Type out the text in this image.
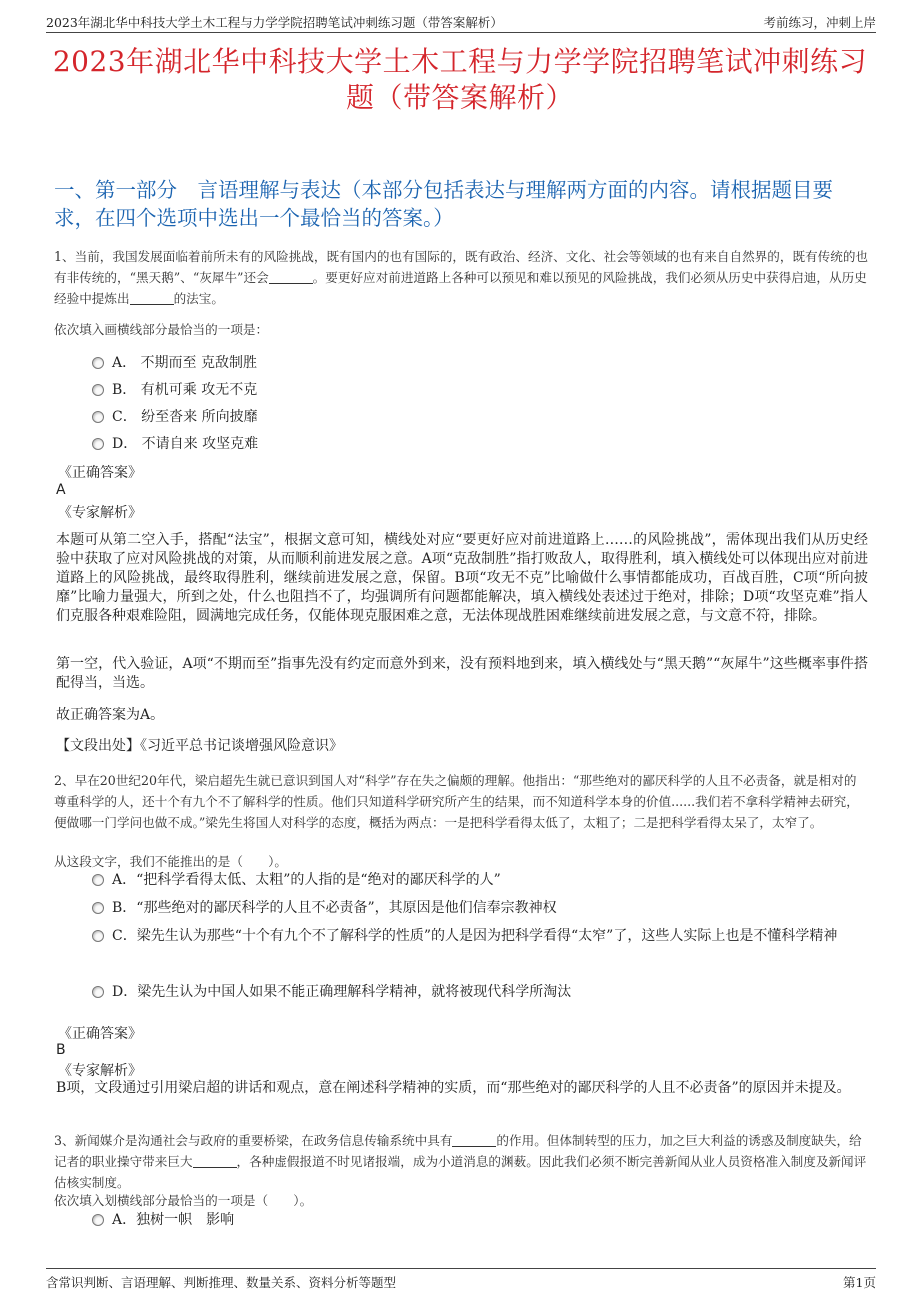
2023年湖北华中科技大学土木工程与力学学院招聘笔试冲刺练习题（带答案解析）	考前练习，冲刺上岸
2023年湖北华中科技大学土木工程与力学学院招聘笔试冲刺练习题（带答案解析）
一、第一部分　言语理解与表达（本部分包括表达与理解两方面的内容。请根据题目要求，在四个选项中选出一个最恰当的答案。）
1、当前，我国发展面临着前所未有的风险挑战，既有国内的也有国际的，既有政治、经济、文化、社会等领域的也有来自自然界的，既有传统的也有非传统的，“黑天鹅”、“灰犀牛”还会	。要更好应对前进道路上各种可以预见和难以预见的风险挑战，我们必须从历史中获得启迪，从历史经验中提炼出	的法宝。
依次填入画横线部分最恰当的一项是：
A． 不期而至 克敌制胜
B． 有机可乘 攻无不克
C． 纷至沓来 所向披靡
D． 不请自来 攻坚克难
《正确答案》
A
《专家解析》
本题可从第二空入手，搭配“法宝”，根据文意可知，横线处对应“要更好应对前进道路上……的风险挑战”，需体现出我们从历史经验中获取了应对风险挑战的对策，从而顺利前进发展之意。A项“克敌制胜”指打败敌人，取得胜利，填入横线处可以体现出应对前进道路上的风险挑战，最终取得胜利，继续前进发展之意，保留。B项“攻无不克”比喻做什么事情都能成功，百战百胜，C项“所向披靡”比喻力量强大，所到之处，什么也阻挡不了，均强调所有问题都能解决，填入横线处表述过于绝对，排除；D项“攻坚克难”指人们克服各种艰难险阻，圆满地完成任务，仅能体现克服困难之意，无法体现战胜困难继续前进发展之意，与文意不符，排除。
第一空，代入验证，A项“不期而至”指事先没有约定而意外到来，没有预料地到来，填入横线处与“黑天鹅”“灰犀牛”这些概率事件搭配得当，当选。
故正确答案为A。
【文段出处】《习近平总书记谈增强风险意识》
2、早在20世纪20年代，梁启超先生就已意识到国人对“科学”存在失之偏颇的理解。他指出：“那些绝对的鄙厌科学的人且不必责备，就是相对的尊重科学的人，还十个有九个不了解科学的性质。他们只知道科学研究所产生的结果，而不知道科学本身的价值......我们若不拿科学精神去研究，便做哪一门学问也做不成。”梁先生将国人对科学的态度，概括为两点：一是把科学看得太低了，太粗了；二是把科学看得太呆了，太窄了。
从这段文字，我们不能推出的是（　　）。
A．“把科学看得太低、太粗”的人指的是“绝对的鄙厌科学的人”
B．“那些绝对的鄙厌科学的人且不必责备”，其原因是他们信奉宗教神权
C．梁先生认为那些“十个有九个不了解科学的性质”的人是因为把科学看得“太窄”了，这些人实际上也是不懂科学精神
D．梁先生认为中国人如果不能正确理解科学精神，就将被现代科学所淘汰
《正确答案》
B
《专家解析》
B项，文段通过引用梁启超的讲话和观点，意在阐述科学精神的实质，而“那些绝对的鄙厌科学的人且不必责备”的原因并未提及。
3、新闻媒介是沟通社会与政府的重要桥梁，在政务信息传输系统中具有	的作用。但体制转型的压力，加之巨大利益的诱惑及制度缺失，给记者的职业操守带来巨大	，各种虚假报道不时见诸报端，成为小道消息的渊薮。因此我们必须不断完善新闻从业人员资格准入制度及新闻评估核实制度。
依次填入划横线部分最恰当的一项是（　　）。
A．独树一帜　影响
含常识判断、言语理解、判断推理、数量关系、资料分析等题型	第1页
